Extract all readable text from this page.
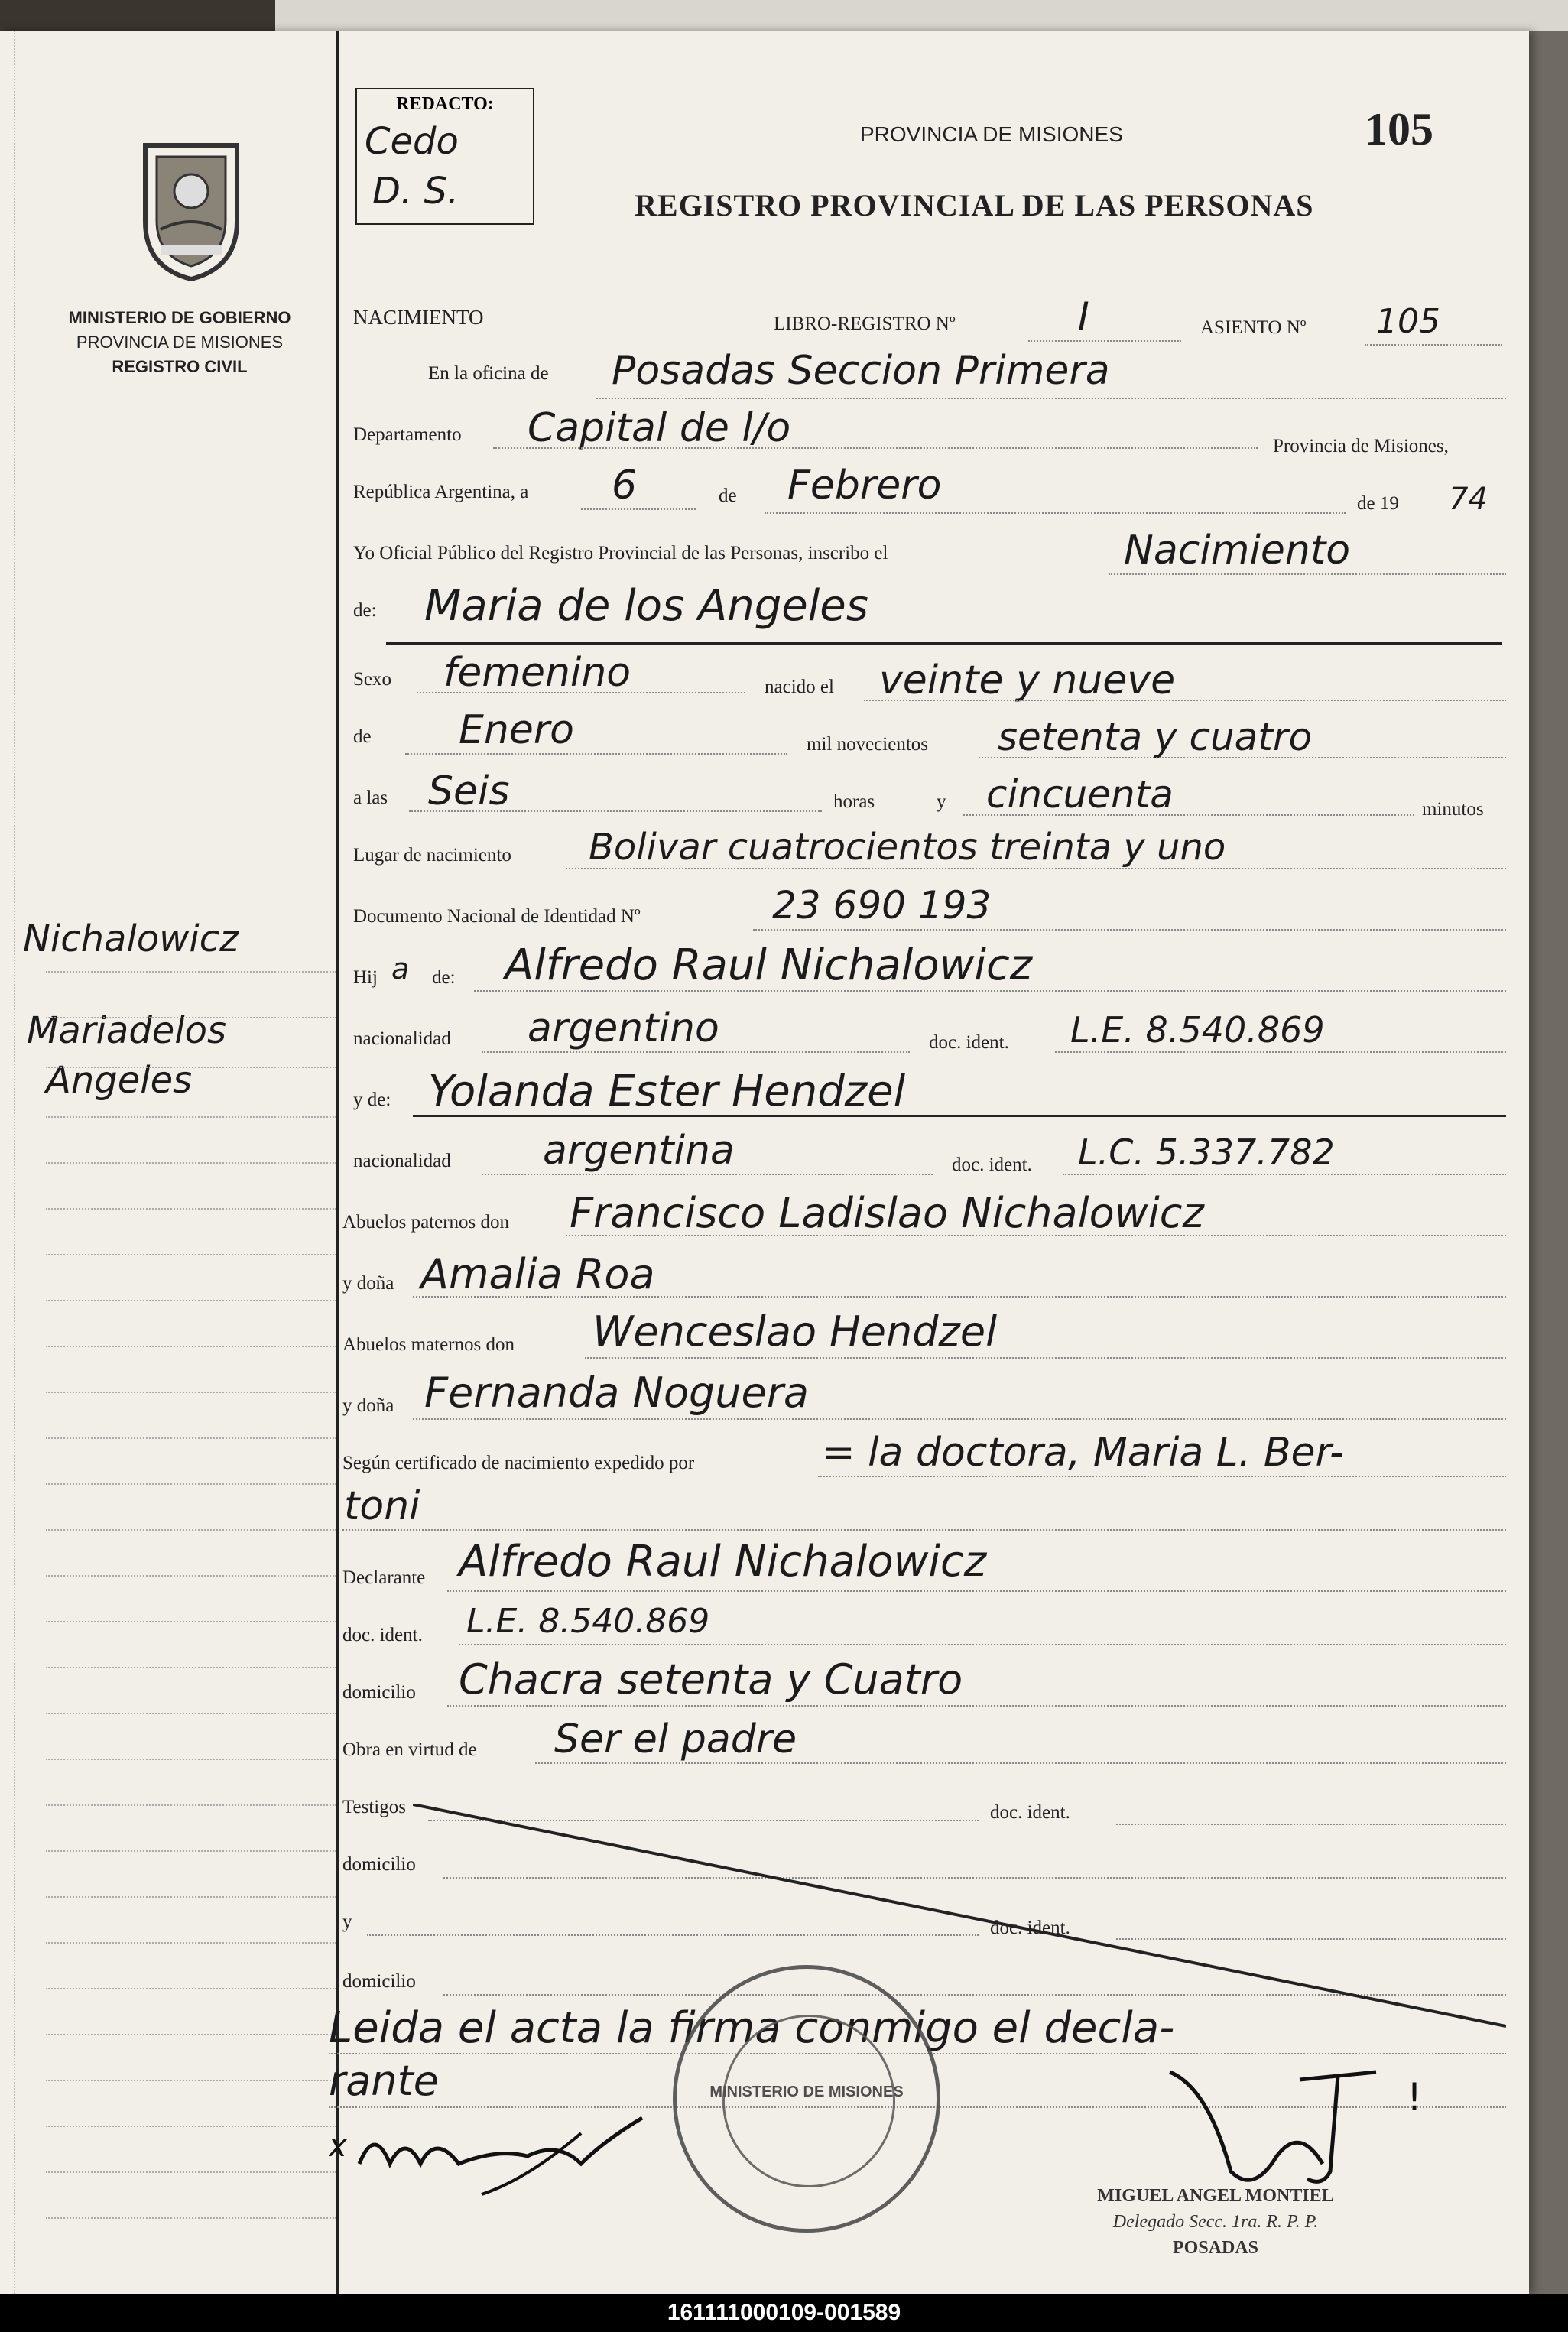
MINISTERIO DE GOBIERNO
PROVINCIA DE MISIONES
REGISTRO CIVIL
Nichalowicz
Mariadelos
Angeles
REDACTO:
Cedo
D. S.
PROVINCIA DE MISIONES
REGISTRO PROVINCIAL DE LAS PERSONAS
105
NACIMIENTO	LIBRO-REGISTRO Nº	I	ASIENTO Nº 105
En la oficina de Posadas Seccion Primera
Departamento Capital de l/o	Provincia de Misiones,
República Argentina, a 6	de Febrero	de 19 74
Yo Oficial Público del Registro Provincial de las Personas, inscribo el	Nacimiento
de: Maria de los Angeles
Sexo femenino	nacido el veinte y nueve
de Enero	mil novecientos setenta y cuatro
a las Seis	horas	y cincuenta	minutos
Lugar de nacimiento Bolivar cuatrocientos treinta y uno
Documento Nacional de Identidad Nº	23 690 193
Hij a de: Alfredo Raul Nichalowicz
nacionalidad argentino	doc. ident. L.E. 8.540.869
y de: Yolanda Ester Hendzel
nacionalidad argentina	doc. ident. L.C. 5.337.782
Abuelos paternos don Francisco Ladislao Nichalowicz
y doña Amalia Roa
Abuelos maternos don Wenceslao Hendzel
y doña Fernanda Noguera
Según certificado de nacimiento expedido por	= la doctora, Maria L. Ber-
toni
Declarante Alfredo Raul Nichalowicz
doc. ident. L.E. 8.540.869
domicilio Chacra setenta y Cuatro
Obra en virtud de Ser el padre
Testigos	doc. ident.
domicilio
y	doc. ident.
domicilio
Leida el acta la firma conmigo el decla-
rante
x
MINISTERIO DE MISIONES	!
MIGUEL ANGEL MONTIEL
Delegado Secc. 1ra. R. P. P.
POSADAS
161111000109-001589
